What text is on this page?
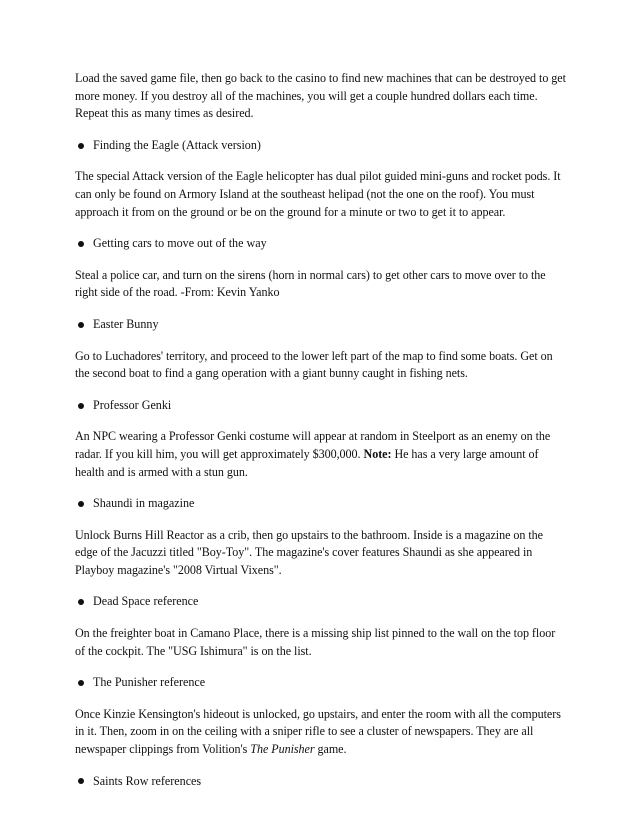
Load the saved game file, then go back to the casino to find new machines that can be destroyed to get more money. If you destroy all of the machines, you will get a couple hundred dollars each time. Repeat this as many times as desired.

Finding the Eagle (Attack version)

The special Attack version of the Eagle helicopter has dual pilot guided mini-guns and rocket pods. It can only be found on Armory Island at the southeast helipad (not the one on the roof). You must approach it from on the ground or be on the ground for a minute or two to get it to appear.

Getting cars to move out of the way

Steal a police car, and turn on the sirens (horn in normal cars) to get other cars to move over to the right side of the road. -From: Kevin Yanko

Easter Bunny

Go to Luchadores' territory, and proceed to the lower left part of the map to find some boats. Get on the second boat to find a gang operation with a giant bunny caught in fishing nets.

Professor Genki

An NPC wearing a Professor Genki costume will appear at random in Steelport as an enemy on the radar. If you kill him, you will get approximately $300,000. Note: He has a very large amount of health and is armed with a stun gun.

Shaundi in magazine

Unlock Burns Hill Reactor as a crib, then go upstairs to the bathroom. Inside is a magazine on the edge of the Jacuzzi titled "Boy-Toy". The magazine's cover features Shaundi as she appeared in Playboy magazine's "2008 Virtual Vixens".

Dead Space reference

On the freighter boat in Camano Place, there is a missing ship list pinned to the wall on the top floor of the cockpit. The "USG Ishimura" is on the list.

The Punisher reference

Once Kinzie Kensington's hideout is unlocked, go upstairs, and enter the room with all the computers in it. Then, zoom in on the ceiling with a sniper rifle to see a cluster of newspapers. They are all newspaper clippings from Volition's The Punisher game.

Saints Row references
